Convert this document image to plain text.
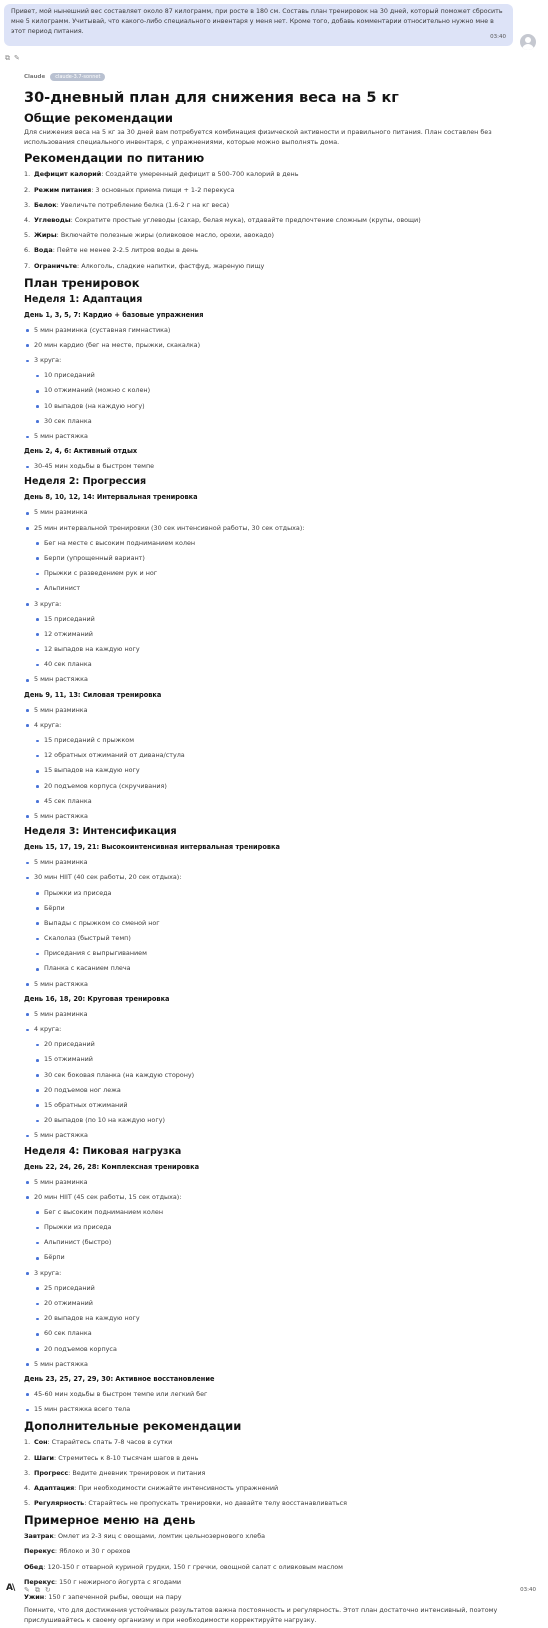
Привет, мой нынешний вес составляет около 87 килограмм, при росте в 180 см. Составь план тренировок на 30 дней, который поможет сбросить мне 5 килограмм. Учитывай, что какого-либо специального инвентаря у меня нет. Кроме того, добавь комментарии относительно нужно мне в этот период питания.
03:40
⧉ ✎
Claude	claude-3.7-sonnet
30-дневный план для снижения веса на 5 кг
Общие рекомендации

Для снижения веса на 5 кг за 30 дней вам потребуется комбинация физической активности и правильного питания. План составлен без использования специального инвентаря, с упражнениями, которые можно выполнять дома.

Рекомендации по питанию
1. Дефицит калорий: Создайте умеренный дефицит в 500-700 калорий в день
2. Режим питания: 3 основных приема пищи + 1-2 перекуса
3. Белок: Увеличьте потребление белка (1.6-2 г на кг веса)
4. Углеводы: Сократите простые углеводы (сахар, белая мука), отдавайте предпочтение сложным (крупы, овощи)
5. Жиры: Включайте полезные жиры (оливковое масло, орехи, авокадо)
6. Вода: Пейте не менее 2-2.5 литров воды в день
7. Ограничьте: Алкоголь, сладкие напитки, фастфуд, жареную пищу
План тренировок
Неделя 1: Адаптация
День 1, 3, 5, 7: Кардио + базовые упражнения
5 мин разминка (суставная гимнастика)
20 мин кардио (бег на месте, прыжки, скакалка)
3 круга:
10 приседаний
10 отжиманий (можно с колен)
10 выпадов (на каждую ногу)
30 сек планка
5 мин растяжка
День 2, 4, 6: Активный отдых
30-45 мин ходьбы в быстром темпе
Неделя 2: Прогрессия
День 8, 10, 12, 14: Интервальная тренировка
5 мин разминка
25 мин интервальной тренировки (30 сек интенсивной работы, 30 сек отдыха):
Бег на месте с высоким подниманием колен
Берпи (упрощенный вариант)
Прыжки с разведением рук и ног
Альпинист
3 круга:
15 приседаний
12 отжиманий
12 выпадов на каждую ногу
40 сек планка
5 мин растяжка
День 9, 11, 13: Силовая тренировка
5 мин разминка
4 круга:
15 приседаний с прыжком
12 обратных отжиманий от дивана/стула
15 выпадов на каждую ногу
20 подъемов корпуса (скручивания)
45 сек планка
5 мин растяжка
Неделя 3: Интенсификация
День 15, 17, 19, 21: Высокоинтенсивная интервальная тренировка
5 мин разминка
30 мин HIIT (40 сек работы, 20 сек отдыха):
Прыжки из приседа
Бёрпи
Выпады с прыжком со сменой ног
Скалолаз (быстрый темп)
Приседания с выпрыгиванием
Планка с касанием плеча
5 мин растяжка
День 16, 18, 20: Круговая тренировка
5 мин разминка
4 круга:
20 приседаний
15 отжиманий
30 сек боковая планка (на каждую сторону)
20 подъемов ног лежа
15 обратных отжиманий
20 выпадов (по 10 на каждую ногу)
5 мин растяжка
Неделя 4: Пиковая нагрузка
День 22, 24, 26, 28: Комплексная тренировка
5 мин разминка
20 мин HIIT (45 сек работы, 15 сек отдыха):
Бег с высоким подниманием колен
Прыжки из приседа
Альпинист (быстро)
Бёрпи
3 круга:
25 приседаний
20 отжиманий
20 выпадов на каждую ногу
60 сек планка
20 подъемов корпуса
5 мин растяжка
День 23, 25, 27, 29, 30: Активное восстановление
45-60 мин ходьбы в быстром темпе или легкий бег
15 мин растяжка всего тела
Дополнительные рекомендации
1. Сон: Старайтесь спать 7-8 часов в сутки
2. Шаги: Стремитесь к 8-10 тысячам шагов в день
3. Прогресс: Ведите дневник тренировок и питания
4. Адаптация: При необходимости снижайте интенсивность упражнений
5. Регулярность: Старайтесь не пропускать тренировки, но давайте телу восстанавливаться
Примерное меню на день
Завтрак: Омлет из 2-3 яиц с овощами, ломтик цельнозернового хлеба
Перекус: Яблоко и 30 г орехов
Обед: 120-150 г отварной куриной грудки, 150 г гречки, овощной салат с оливковым маслом
Перекус: 150 г нежирного йогурта с ягодами
Ужин: 150 г запеченной рыбы, овощи на пару

Помните, что для достижения устойчивых результатов важна постоянность и регулярность. Этот план достаточно интенсивный, поэтому прислушивайтесь к своему организму и при необходимости корректируйте нагрузку.

A\ ✎ ⧉ ↻	03:40
